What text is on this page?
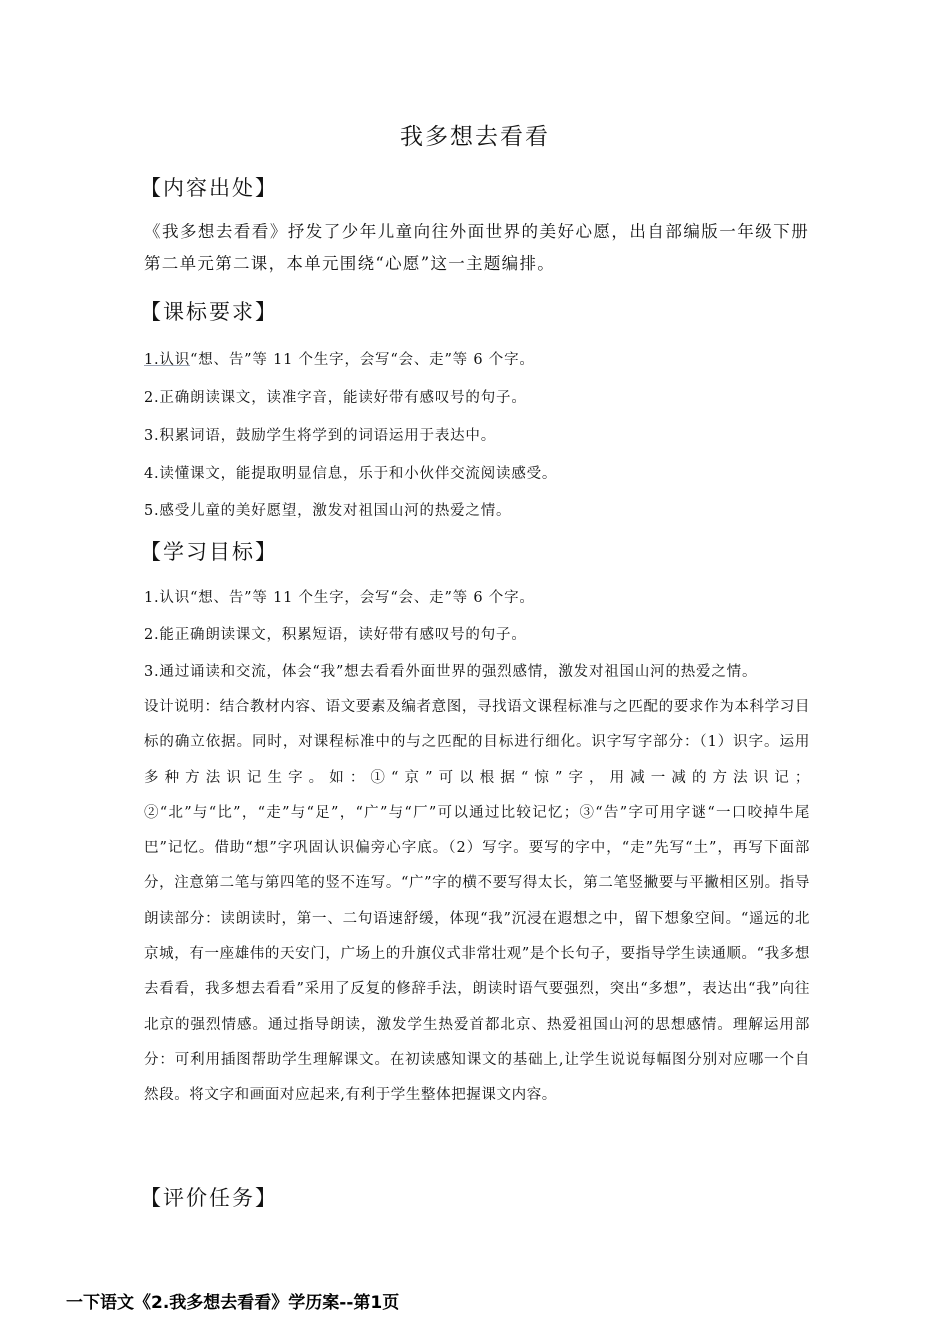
我多想去看看
【内容出处】
《我多想去看看》抒发了少年儿童向往外面世界的美好心愿，出自部编版一年级下册第二单元第二课，本单元围绕“心愿”这一主题编排。
【课标要求】
1.认识“想、告”等 11 个生字，会写“会、走”等 6 个字。
2.正确朗读课文，读准字音，能读好带有感叹号的句子。
3.积累词语，鼓励学生将学到的词语运用于表达中。
4.读懂课文，能提取明显信息，乐于和小伙伴交流阅读感受。
5.感受儿童的美好愿望，激发对祖国山河的热爱之情。
【学习目标】
1.认识“想、告”等 11 个生字，会写“会、走”等 6 个字。
2.能正确朗读课文，积累短语，读好带有感叹号的句子。
3.通过诵读和交流，体会“我”想去看看外面世界的强烈感情，激发对祖国山河的热爱之情。
设计说明：结合教材内容、语文要素及编者意图，寻找语文课程标准与之匹配的要求作为本科学习目标的确立依据。同时，对课程标准中的与之匹配的目标进行细化。识字写字部分：（1）识字。运用多种方法识记生字。如：①“京”可以根据“惊”字，用减一减的方法识记；②“北”与“比”，“走”与“足”，“广”与“厂”可以通过比较记忆；③“告”字可用字谜“一口咬掉牛尾巴”记忆。借助“想”字巩固认识偏旁心字底。（2）写字。要写的字中，“走”先写“土”，再写下面部分，注意第二笔与第四笔的竖不连写。“广”字的横不要写得太长，第二笔竖撇要与平撇相区别。指导朗读部分：读朗读时，第一、二句语速舒缓，体现“我”沉浸在遐想之中，留下想象空间。“遥远的北京城，有一座雄伟的天安门，广场上的升旗仪式非常壮观”是个长句子，要指导学生读通顺。“我多想去看看，我多想去看看”采用了反复的修辞手法，朗读时语气要强烈，突出“多想”，表达出“我”向往北京的强烈情感。通过指导朗读，激发学生热爱首都北京、热爱祖国山河的思想感情。理解运用部分：可利用插图帮助学生理解课文。在初读感知课文的基础上,让学生说说每幅图分别对应哪一个自然段。将文字和画面对应起来,有利于学生整体把握课文内容。
【评价任务】
一下语文《2.我多想去看看》学历案--第1页
